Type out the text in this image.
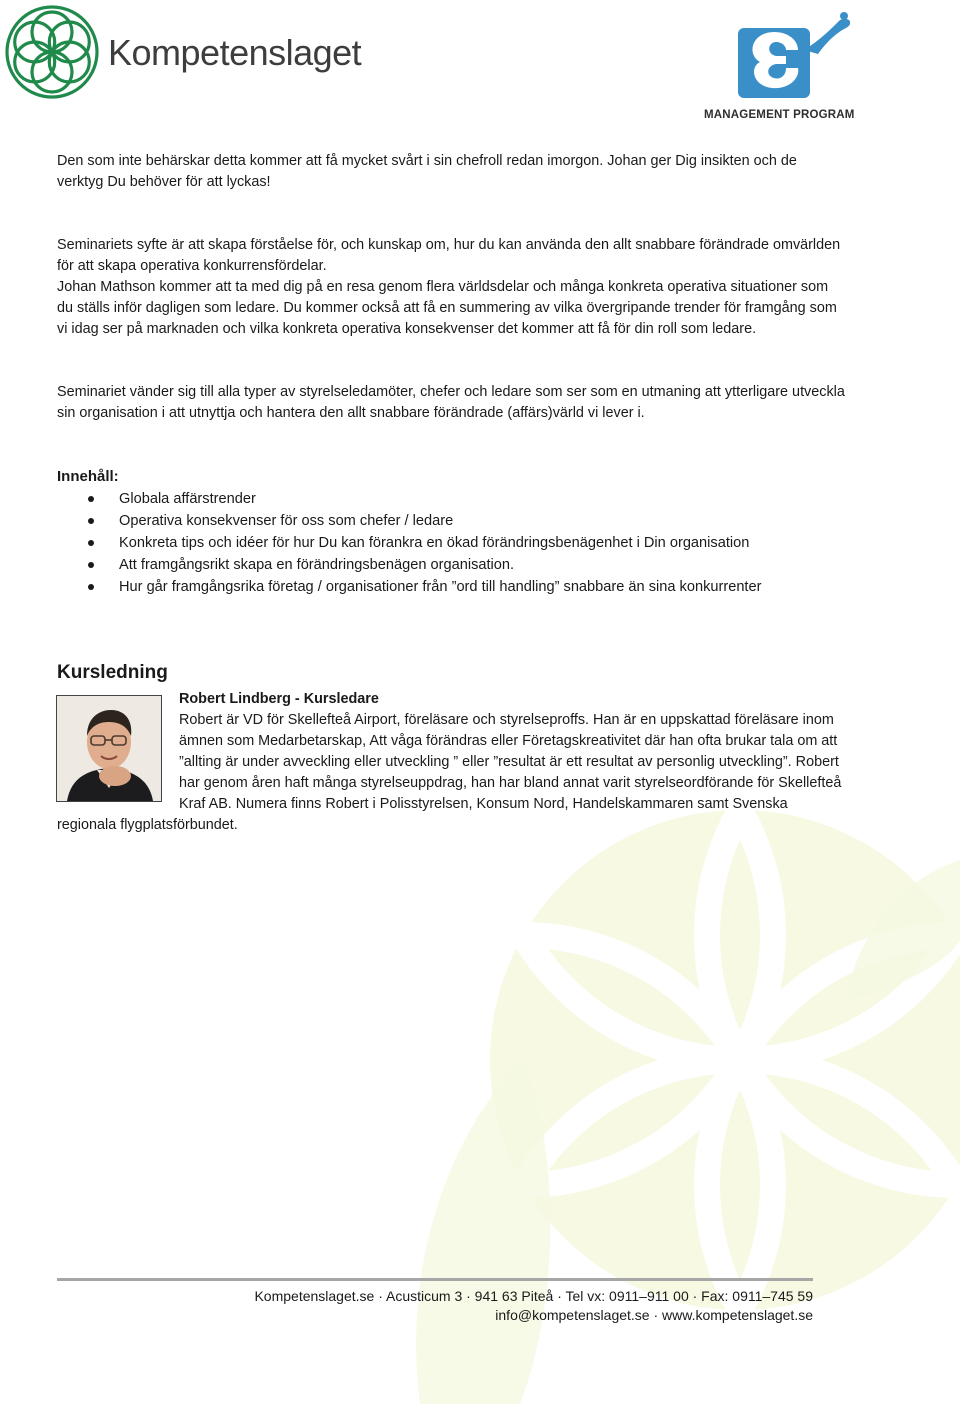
Kompetenslaget
MANAGEMENT PROGRAM

Den som inte behärskar detta kommer att få mycket svårt i sin chefroll redan imorgon. Johan ger Dig insikten och de verktyg Du behöver för att lyckas!

Seminariets syfte är att skapa förståelse för, och kunskap om, hur du kan använda den allt snabbare förändrade omvärlden för att skapa operativa konkurrensfördelar.

Johan Mathson kommer att ta med dig på en resa genom flera världsdelar och många konkreta operativa situationer som du ställs inför dagligen som ledare. Du kommer också att få en summering av vilka övergripande trender för framgång som vi idag ser på marknaden och vilka konkreta operativa konsekvenser det kommer att få för din roll som ledare.

Seminariet vänder sig till alla typer av styrelseledamöter, chefer och ledare som ser som en utmaning att ytterligare utveckla sin organisation i att utnyttja och hantera den allt snabbare förändrade (affärs)värld vi lever i.

Innehåll:
Globala affärstrender
Operativa konsekvenser för oss som chefer / ledare
Konkreta tips och idéer för hur Du kan förankra en ökad förändringsbenägenhet i Din organisation
Att framgångsrikt skapa en förändringsbenägen organisation.
Hur går framgångsrika företag / organisationer från ”ord till handling” snabbare än sina konkurrenter
Kursledning
Robert Lindberg - Kursledare
Robert är VD för Skellefteå Airport, föreläsare och styrelseproffs. Han är en uppskattad föreläsare inom ämnen som Medarbetarskap, Att våga förändras eller Företagskreativitet där han ofta brukar tala om att ”allting är under avveckling eller utveckling ” eller ”resultat är ett resultat av personlig utveckling”. Robert har genom åren haft många styrelseuppdrag, han har bland annat varit styrelseordförande för Skellefteå Kraf AB. Numera finns Robert i Polisstyrelsen, Konsum Nord, Handelskammaren samt Svenska regionala flygplatsförbundet.
Kompetenslaget.se · Acusticum 3 · 941 63 Piteå · Tel vx: 0911–911 00 · Fax: 0911–745 59
info@kompetenslaget.se · www.kompetenslaget.se
